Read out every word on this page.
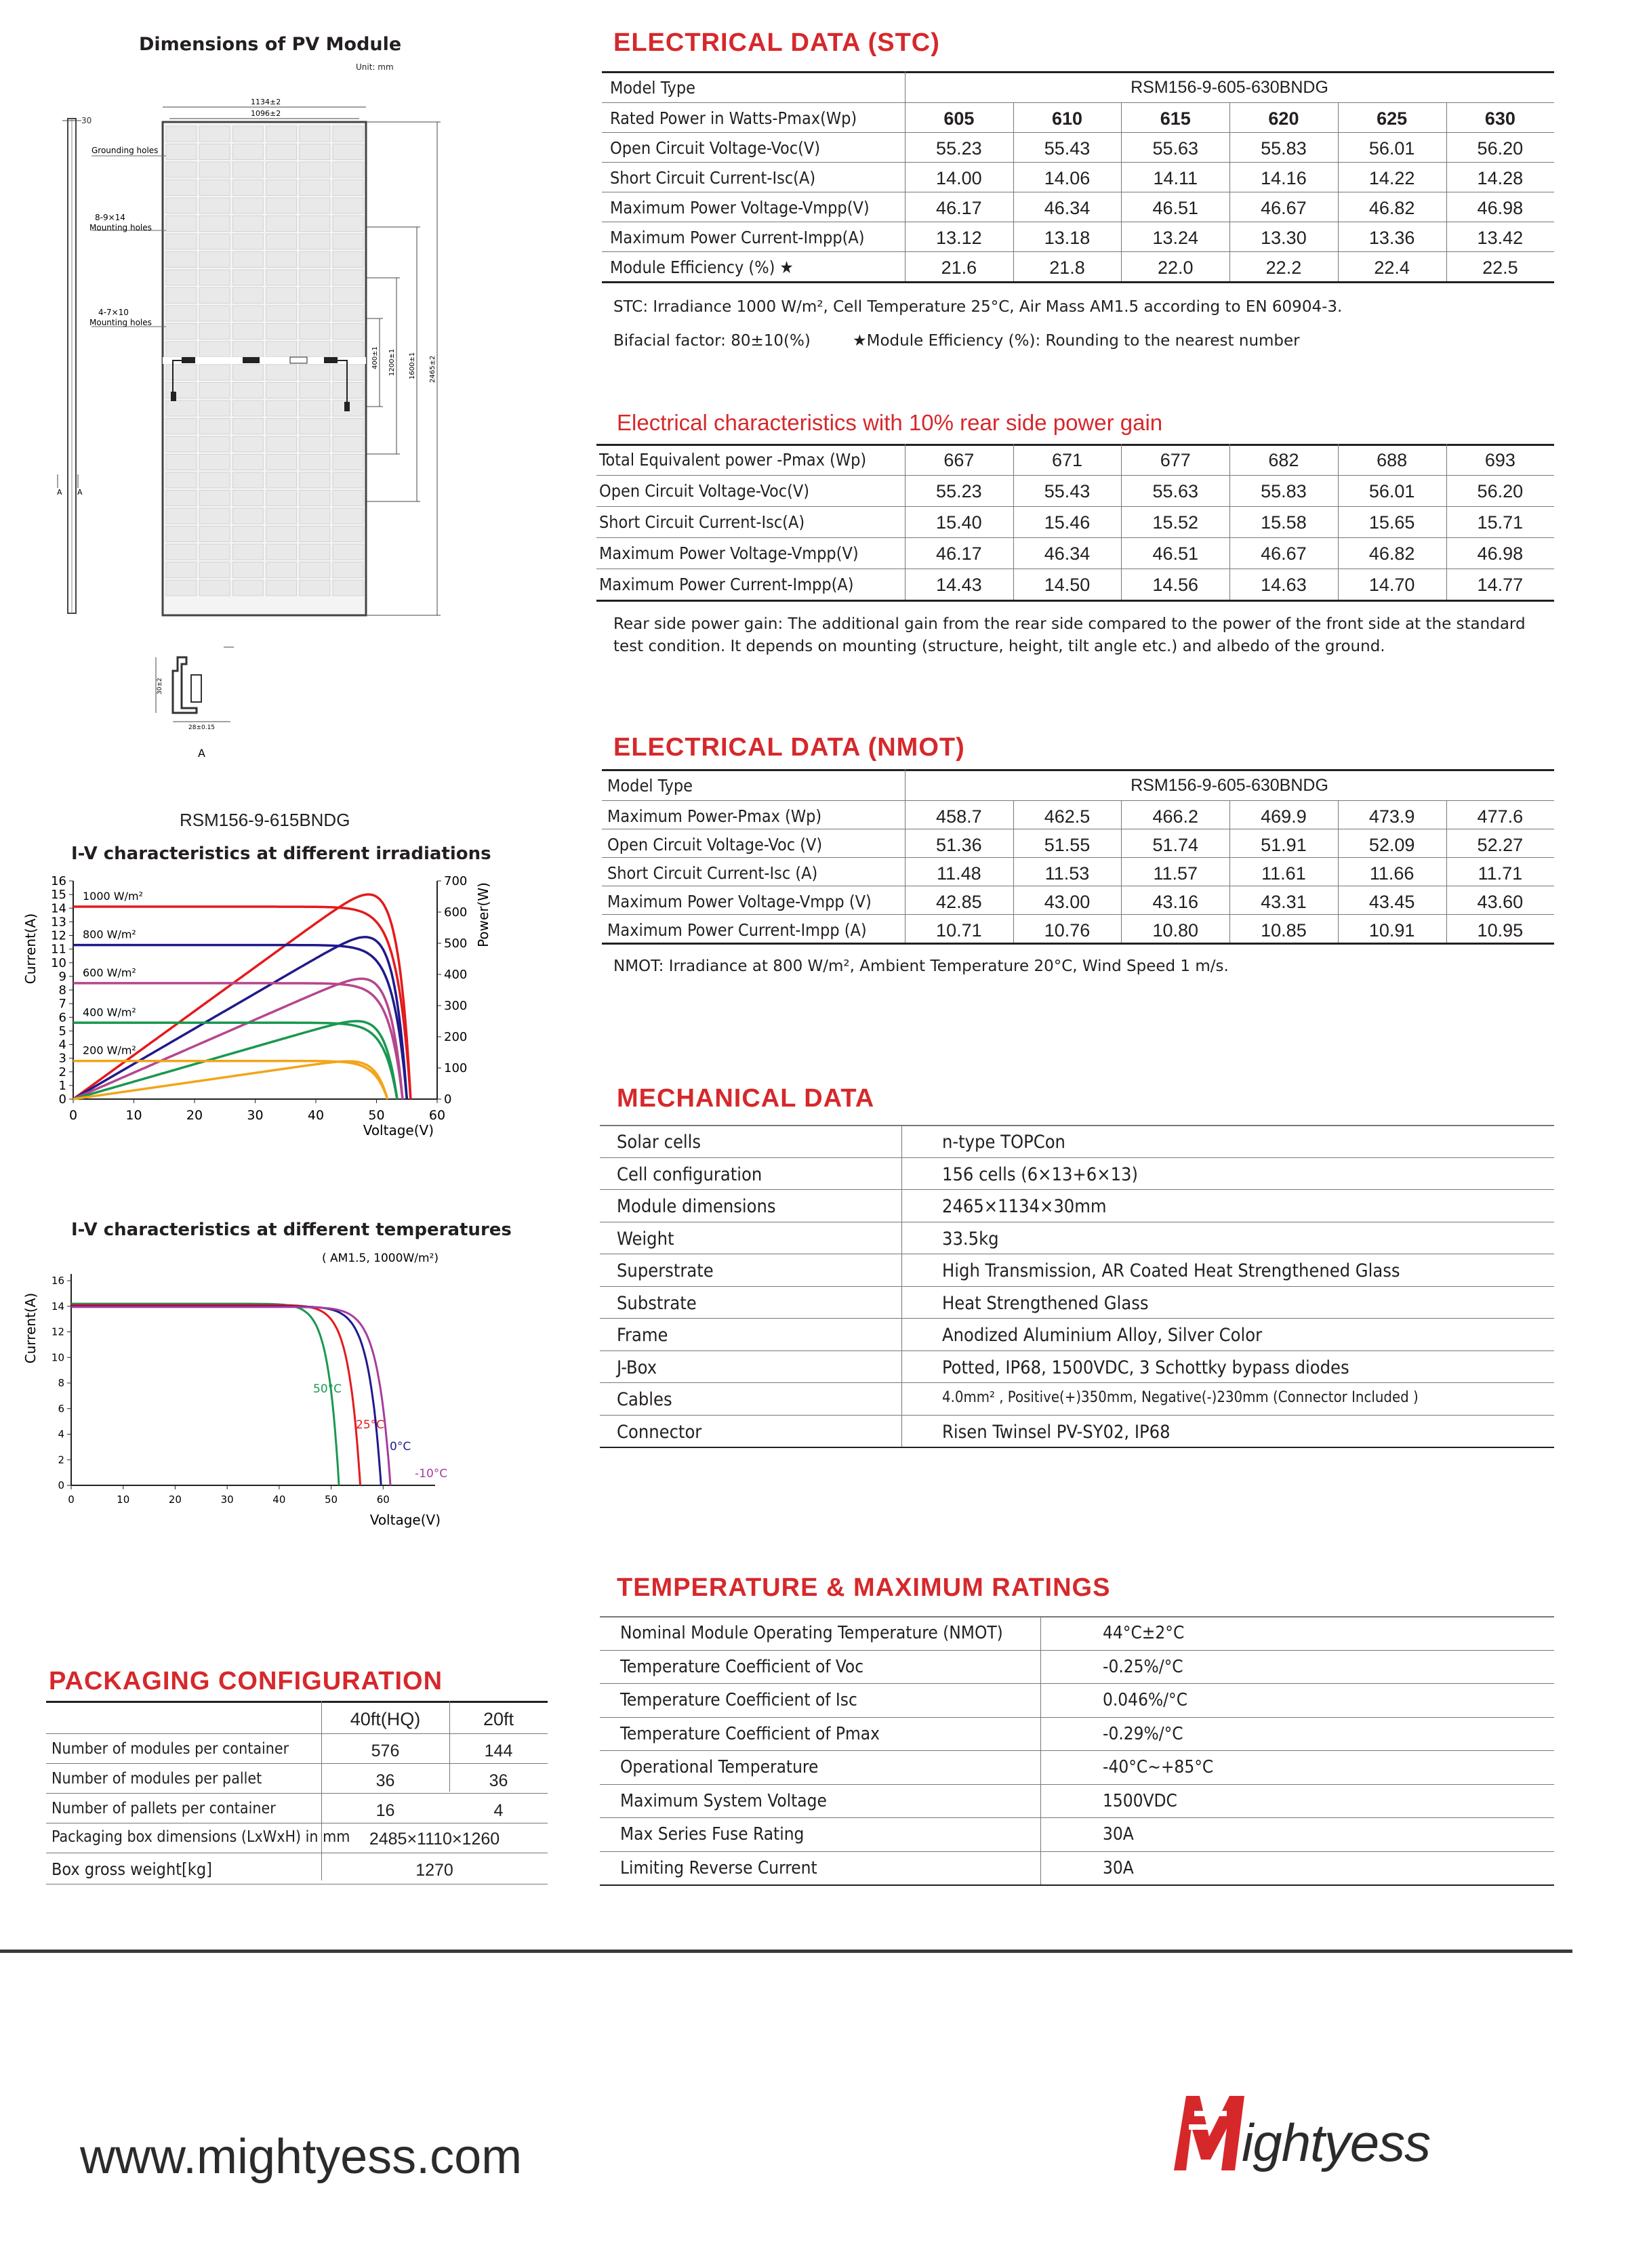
Dimensions of PV Module
Unit: mm
30
A A
1134±2
1096±2
Grounding holes
8-9×14
Mounting holes
4-7×10
Mounting holes
400±1 1200±1 1600±1 2465±2
30±2
28±0.15
A
RSM156-9-615BNDG
I-V characteristics at different irradiations
0	10	20	30	40	50	60
0
1
2
3
4
5
6
7
8
9
10
11
12
13
14
15
16
0
100
200
300
400
500
600
700
Current(A)	Power(W)
Voltage(V)
1000 W/m²
800 W/m²
600 W/m²
400 W/m²
200 W/m²
I-V characteristics at different temperatures
0	10	20	30	40	50	60
0
2
4
6
8
10
12
14
16
Current(A)
Voltage(V)
( AM1.5, 1000W/m²)
50°C
25°C
0°C
-10°C
PACKAGING CONFIGURATION
40ft(HQ)	20ft
Number of modules per container	576	144
Number of modules per pallet	36	36
Number of pallets per container	16	4
Packaging box dimensions (LxWxH) in mm	2485×1110×1260
Box gross weight[kg]	1270
ELECTRICAL DATA (STC)
Model Type	RSM156-9-605-630BNDG
Rated Power in Watts-Pmax(Wp)	605	610	615	620	625	630
Open Circuit Voltage-Voc(V)	55.23	55.43	55.63	55.83	56.01	56.20
Short Circuit Current-Isc(A)	14.00	14.06	14.11	14.16	14.22	14.28
Maximum Power Voltage-Vmpp(V)	46.17	46.34	46.51	46.67	46.82	46.98
Maximum Power Current-Impp(A)	13.12	13.18	13.24	13.30	13.36	13.42
Module Efficiency (%) ★	21.6	21.8	22.0	22.2	22.4	22.5
STC: Irradiance 1000 W/m², Cell Temperature 25°C, Air Mass AM1.5 according to EN 60904-3.
Bifacial factor: 80±10(%)	★Module Efficiency (%): Rounding to the nearest number
Electrical characteristics with 10% rear side power gain
Total Equivalent power -Pmax (Wp)	667	671	677	682	688	693
Open Circuit Voltage-Voc(V)	55.23	55.43	55.63	55.83	56.01	56.20
Short Circuit Current-Isc(A)	15.40	15.46	15.52	15.58	15.65	15.71
Maximum Power Voltage-Vmpp(V)	46.17	46.34	46.51	46.67	46.82	46.98
Maximum Power Current-Impp(A)	14.43	14.50	14.56	14.63	14.70	14.77
Rear side power gain: The additional gain from the rear side compared to the power of the front side at the standard
test condition. It depends on mounting (structure, height, tilt angle etc.) and albedo of the ground.
ELECTRICAL DATA (NMOT)
Model Type	RSM156-9-605-630BNDG
Maximum Power-Pmax (Wp)	458.7	462.5	466.2	469.9	473.9	477.6
Open Circuit Voltage-Voc (V)	51.36	51.55	51.74	51.91	52.09	52.27
Short Circuit Current-Isc (A)	11.48	11.53	11.57	11.61	11.66	11.71
Maximum Power Voltage-Vmpp (V)	42.85	43.00	43.16	43.31	43.45	43.60
Maximum Power Current-Impp (A)	10.71	10.76	10.80	10.85	10.91	10.95
NMOT: Irradiance at 800 W/m², Ambient Temperature 20°C, Wind Speed 1 m/s.
MECHANICAL DATA
Solar cells	n-type TOPCon
Cell configuration	156 cells (6×13+6×13)
Module dimensions	2465×1134×30mm
Weight	33.5kg
Superstrate	High Transmission, AR Coated Heat Strengthened Glass
Substrate	Heat Strengthened Glass
Frame	Anodized Aluminium Alloy, Silver Color
J-Box	Potted, IP68, 1500VDC, 3 Schottky bypass diodes
Cables	4.0mm² , Positive(+)350mm, Negative(-)230mm (Connector Included )
Connector	Risen Twinsel PV-SY02, IP68
TEMPERATURE & MAXIMUM RATINGS
Nominal Module Operating Temperature (NMOT)	44°C±2°C
Temperature Coefficient of Voc	-0.25%/°C
Temperature Coefficient of Isc	0.046%/°C
Temperature Coefficient of Pmax	-0.29%/°C
Operational Temperature	-40°C~+85°C
Maximum System Voltage	1500VDC
Max Series Fuse Rating	30A
Limiting Reverse Current	30A
www.mightyess.com	ightyess
